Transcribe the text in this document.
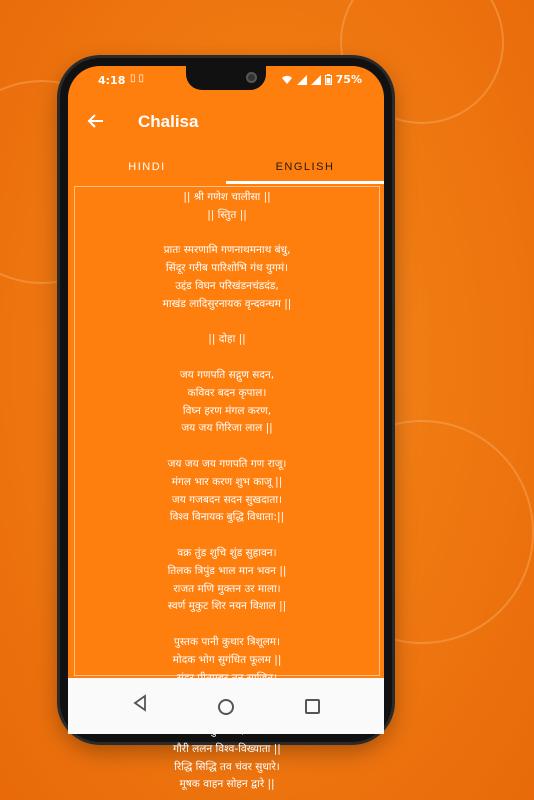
4:18 ▯▯	75%
Chalisa
HINDI	ENGLISH
|| श्री गणेश चालीसा ||
|| स्तुित ||
प्रातः स्मरणामि गणनाथमनाथ बंधु,
सिंदूर गरीब पारिशोभि गंध युगमं।
उद्दंड विघन परिखंडनचंडदंड,
माखंड लादिसुरनायक वृन्दवन्धम ||
|| दोहा ||
जय गणपति सद्गुण सदन,
कविवर बदन कृपाल।
विघ्न हरण मंगल करण,
जय जय गिरिजा लाल ||
जय जय जय गणपति गण राजू।
मंगल भार करण शुभ काजू ||
जय गजबदन सदन सुखदाता।
विश्व विनायक बुद्धि विधाता:||
वक्र तुंड शुचि शुंड सुहावन।
तिलक त्रिपुंड भाल मान भवन ||
राजत मणि मुक्तन उर माला।
स्वर्ण मुकुट शिर नयन विशाल ||
पुस्तक पानी कुथार त्रिशूलम।
मोदक भोग सुगंधित फूलम ||
गौरी ललन विश्व-विख्याता ||
रिद्धि सिद्धि तव चंवर सुधारे।
मूषक वाहन सोहन द्वारे ||
